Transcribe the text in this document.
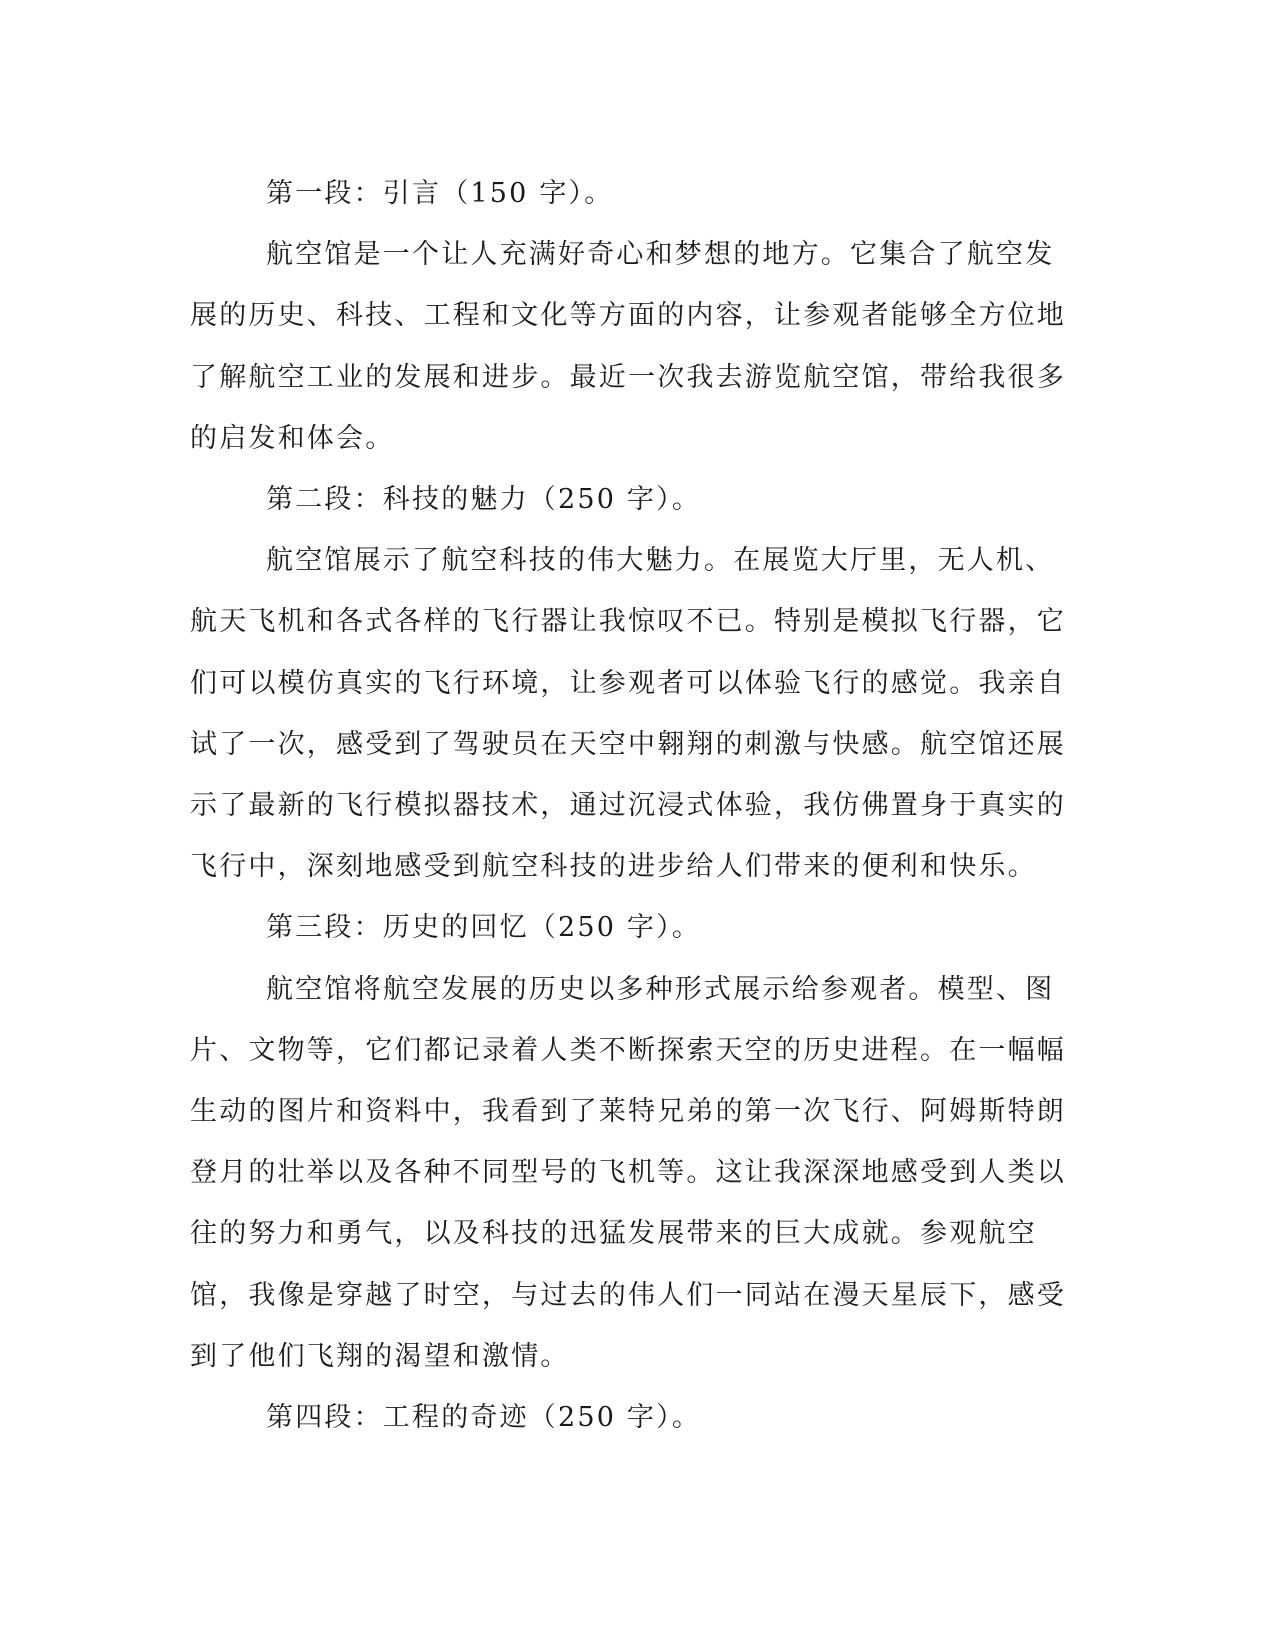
第一段：引言（150 字）。

航空馆是一个让人充满好奇心和梦想的地方。它集合了航空发展的历史、科技、工程和文化等方面的内容，让参观者能够全方位地了解航空工业的发展和进步。最近一次我去游览航空馆，带给我很多的启发和体会。

第二段：科技的魅力（250 字）。

航空馆展示了航空科技的伟大魅力。在展览大厅里，无人机、航天飞机和各式各样的飞行器让我惊叹不已。特别是模拟飞行器，它们可以模仿真实的飞行环境，让参观者可以体验飞行的感觉。我亲自试了一次，感受到了驾驶员在天空中翱翔的刺激与快感。航空馆还展示了最新的飞行模拟器技术，通过沉浸式体验，我仿佛置身于真实的飞行中，深刻地感受到航空科技的进步给人们带来的便利和快乐。

第三段：历史的回忆（250 字）。

航空馆将航空发展的历史以多种形式展示给参观者。模型、图片、文物等，它们都记录着人类不断探索天空的历史进程。在一幅幅生动的图片和资料中，我看到了莱特兄弟的第一次飞行、阿姆斯特朗登月的壮举以及各种不同型号的飞机等。这让我深深地感受到人类以往的努力和勇气，以及科技的迅猛发展带来的巨大成就。参观航空馆，我像是穿越了时空，与过去的伟人们一同站在漫天星辰下，感受到了他们飞翔的渴望和激情。

第四段：工程的奇迹（250 字）。
